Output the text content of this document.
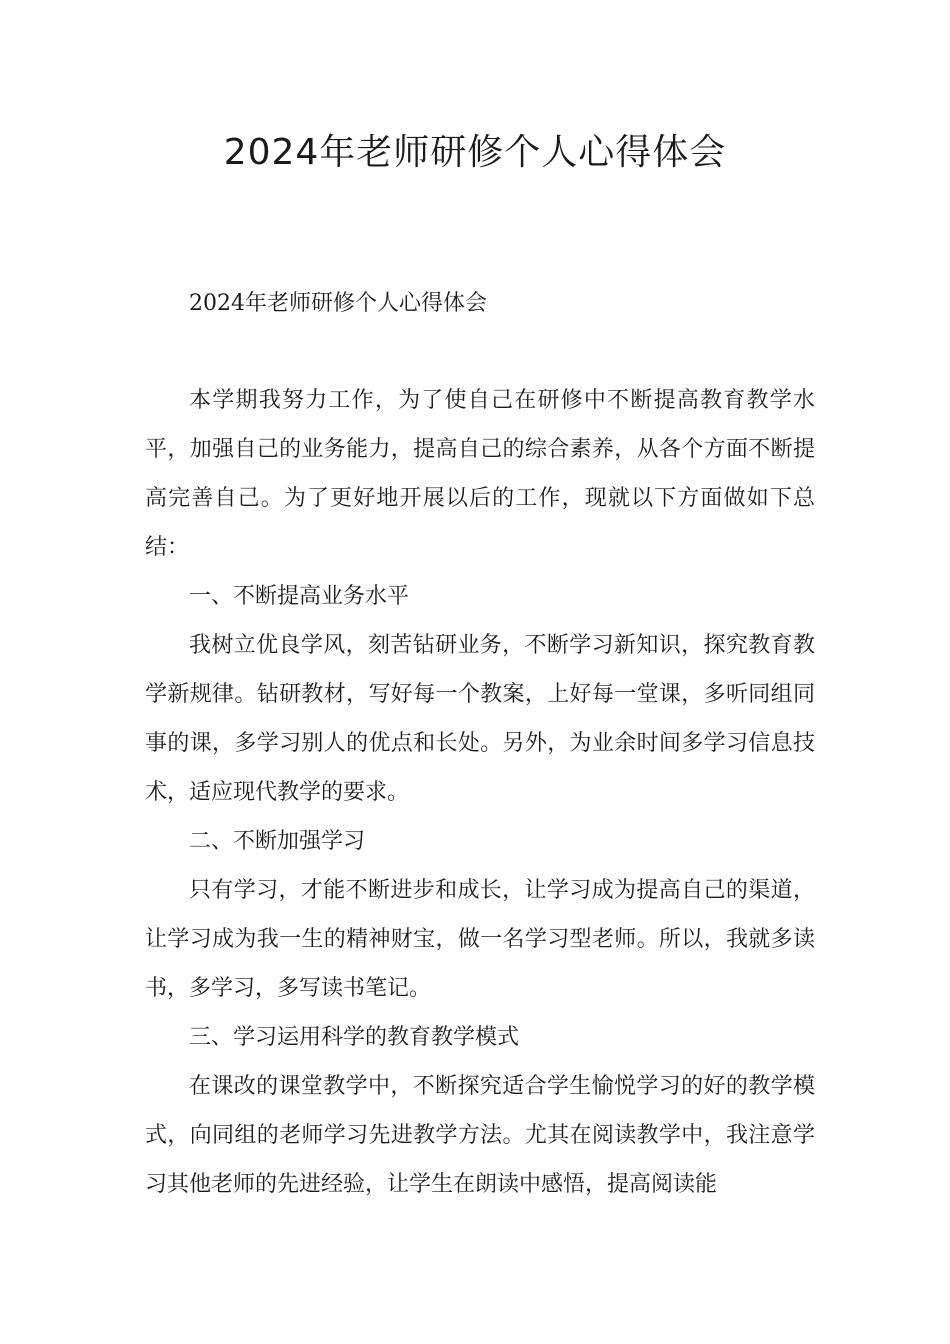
2024年老师研修个人心得体会

2024年老师研修个人心得体会

本学期我努力工作，为了使自己在研修中不断提高教育教学水平，加强自己的业务能力，提高自己的综合素养，从各个方面不断提高完善自己。为了更好地开展以后的工作，现就以下方面做如下总结：

一、不断提高业务水平

我树立优良学风，刻苦钻研业务，不断学习新知识，探究教育教学新规律。钻研教材，写好每一个教案，上好每一堂课，多听同组同事的课，多学习别人的优点和长处。另外，为业余时间多学习信息技术，适应现代教学的要求。

二、不断加强学习

只有学习，才能不断进步和成长，让学习成为提高自己的渠道，让学习成为我一生的精神财宝，做一名学习型老师。所以，我就多读书，多学习，多写读书笔记。

三、学习运用科学的教育教学模式

在课改的课堂教学中，不断探究适合学生愉悦学习的好的教学模式，向同组的老师学习先进教学方法。尤其在阅读教学中，我注意学习其他老师的先进经验，让学生在朗读中感悟，提高阅读能
